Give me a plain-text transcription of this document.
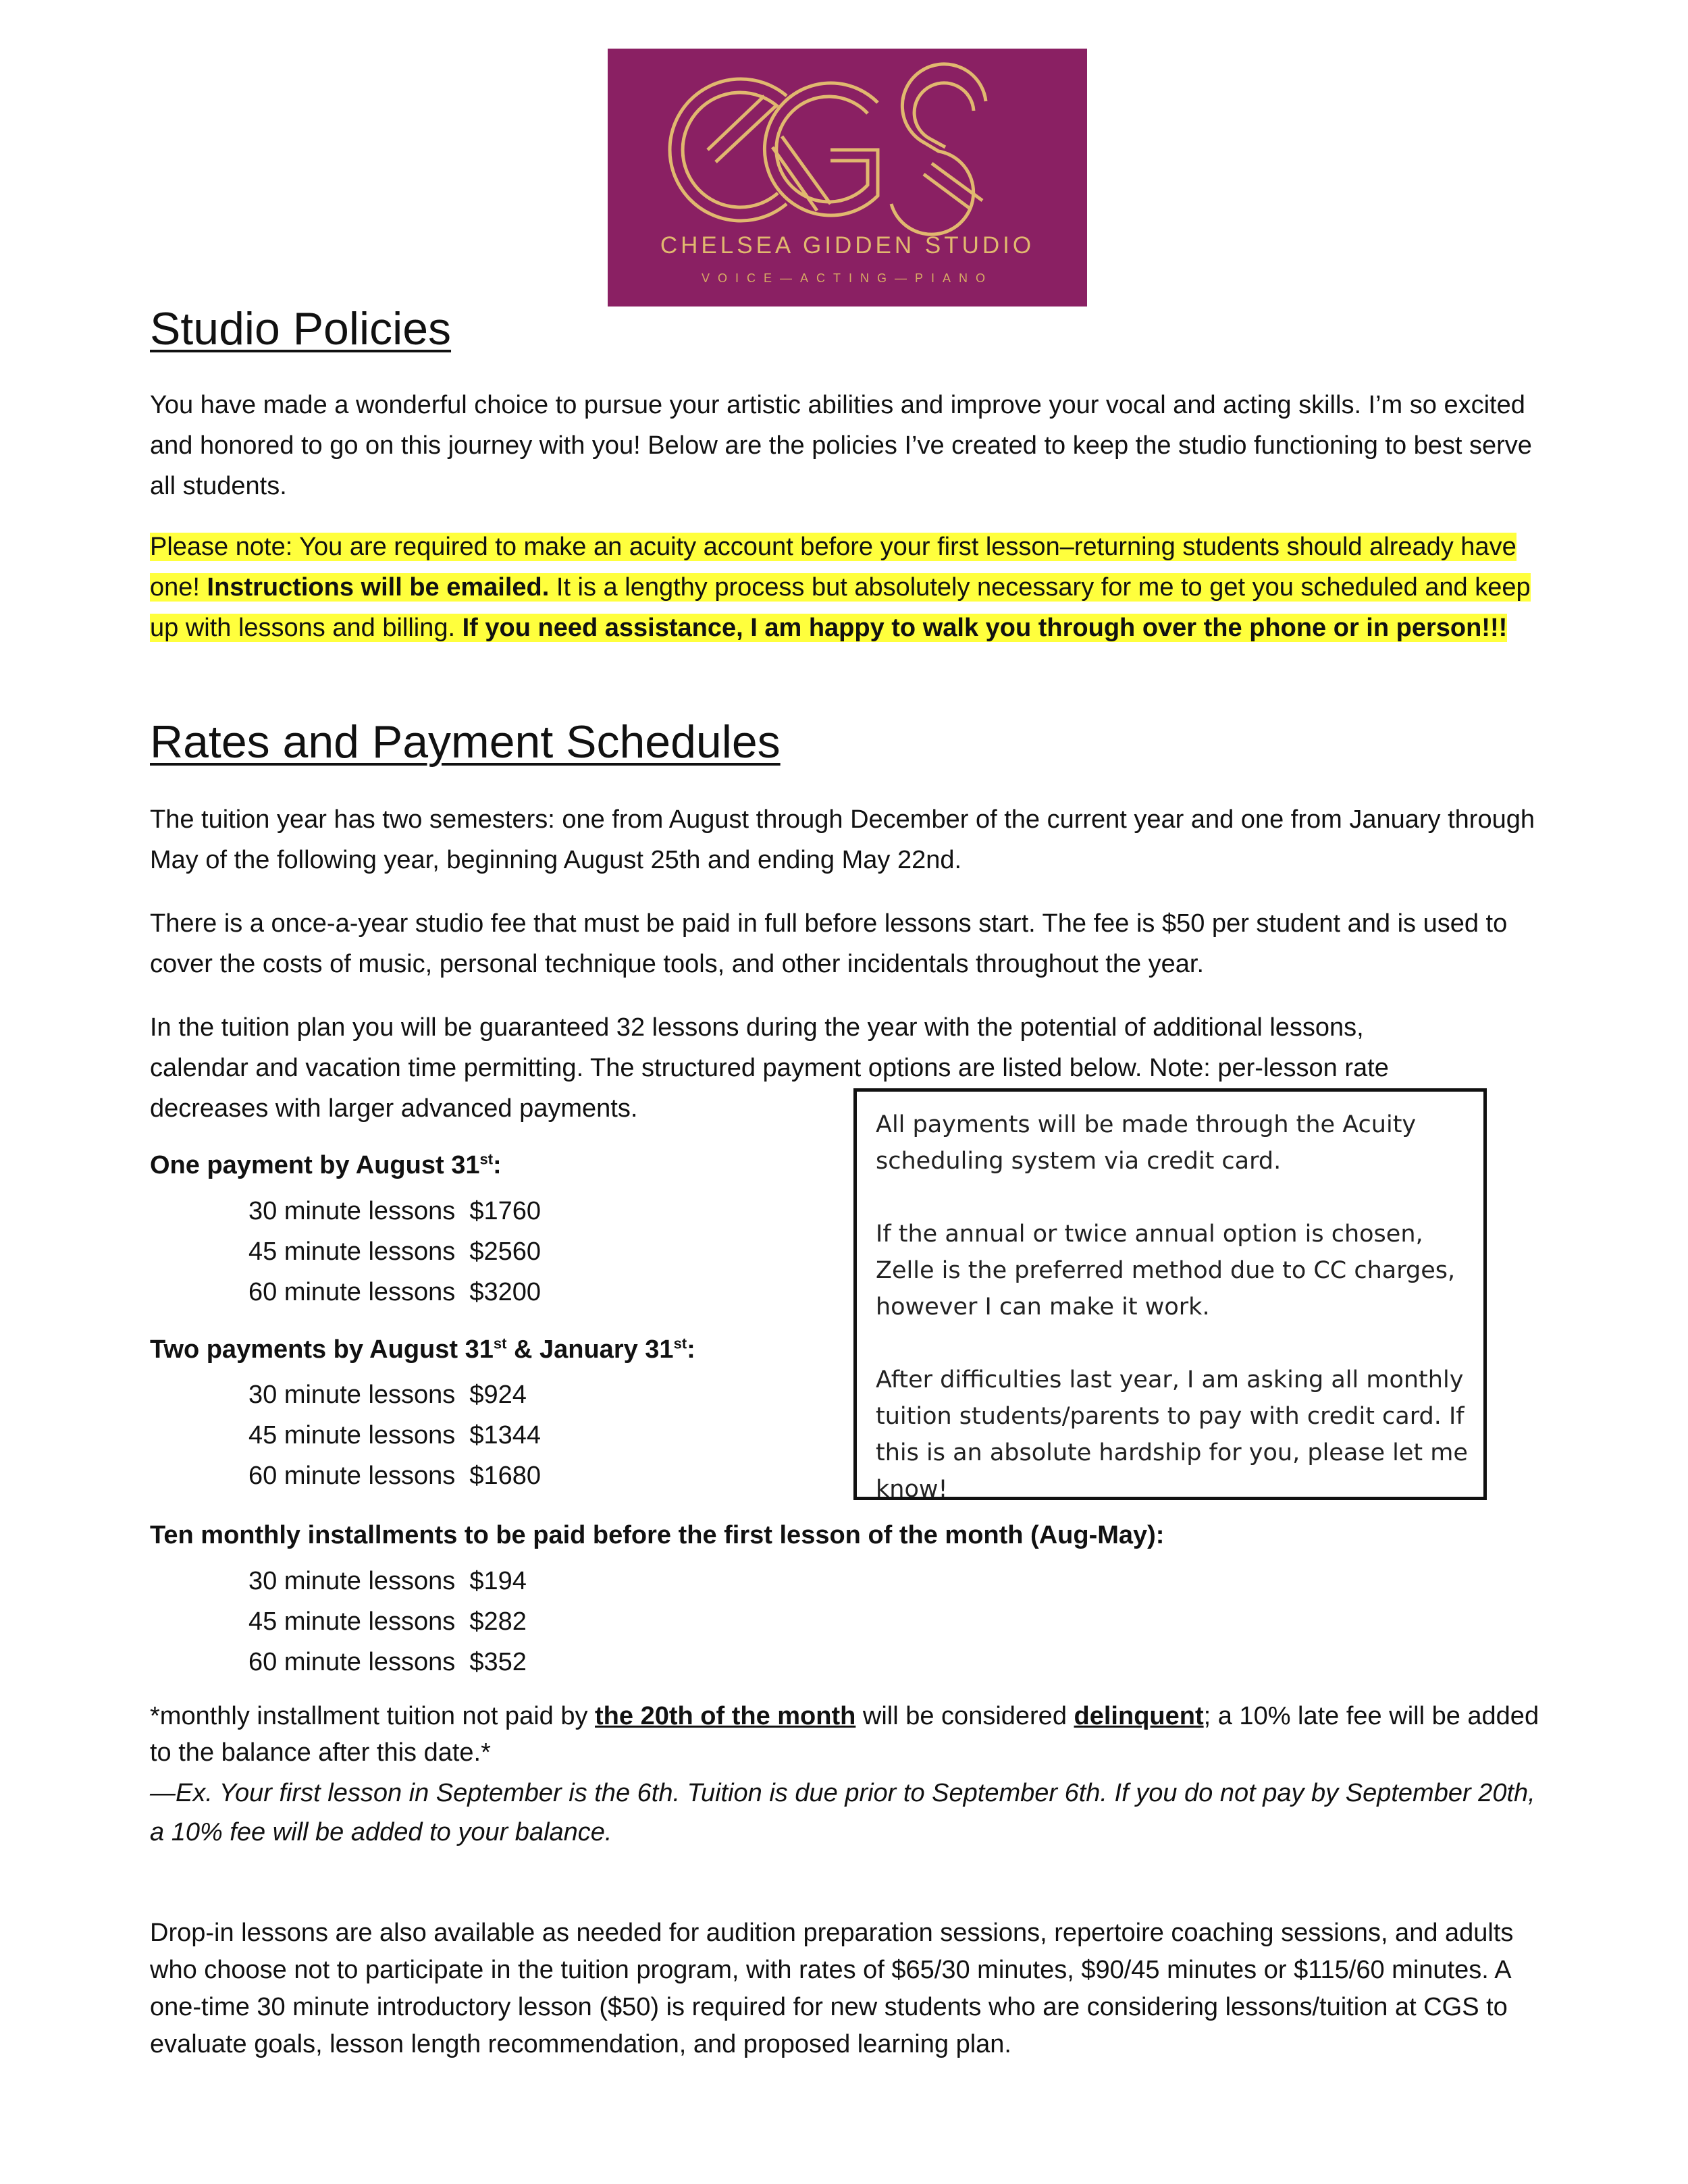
CHELSEA GIDDEN STUDIO
VOICE—ACTING—PIANO
Studio Policies

You have made a wonderful choice to pursue your artistic abilities and improve your vocal and acting skills. I’m so excited and honored to go on this journey with you! Below are the policies I’ve created to keep the studio functioning to best serve all students.

Please note: You are required to make an acuity account before your first lesson–returning students should already have one! Instructions will be emailed. It is a lengthy process but absolutely necessary for me to get you scheduled and keep up with lessons and billing. If you need assistance, I am happy to walk you through over the phone or in person!!!

Rates and Payment Schedules

The tuition year has two semesters: one from August through December of the current year and one from January through May of the following year, beginning August 25th and ending May 22nd.

There is a once-a-year studio fee that must be paid in full before lessons start. The fee is $50 per student and is used to cover the costs of music, personal technique tools, and other incidentals throughout the year.

In the tuition plan you will be guaranteed 32 lessons during the year with the potential of additional lessons,
calendar and vacation time permitting. The structured payment options are listed below. Note: per-lesson rate
decreases with larger advanced payments.
One payment by August 31st:
30 minute lessons  $1760
45 minute lessons  $2560
60 minute lessons  $3200
Two payments by August 31st & January 31st:
30 minute lessons  $924
45 minute lessons  $1344
60 minute lessons  $1680
Ten monthly installments to be paid before the first lesson of the month (Aug-May):
30 minute lessons  $194
45 minute lessons  $282
60 minute lessons  $352

All payments will be made through the Acuity scheduling system via credit card.

If the annual or twice annual option is chosen, Zelle is the preferred method due to CC charges, however I can make it work.

After difficulties last year, I am asking all monthly tuition students/parents to pay with credit card. If this is an absolute hardship for you, please let me know!

*monthly installment tuition not paid by the 20th of the month will be considered delinquent; a 10% late fee will be added to the balance after this date.*

—Ex. Your first lesson in September is the 6th. Tuition is due prior to September 6th. If you do not pay by September 20th, a 10% fee will be added to your balance.

Drop-in lessons are also available as needed for audition preparation sessions, repertoire coaching sessions, and adults who choose not to participate in the tuition program, with rates of $65/30 minutes, $90/45 minutes or $115/60 minutes. A one-time 30 minute introductory lesson ($50) is required for new students who are considering lessons/tuition at CGS to evaluate goals, lesson length recommendation, and proposed learning plan.
